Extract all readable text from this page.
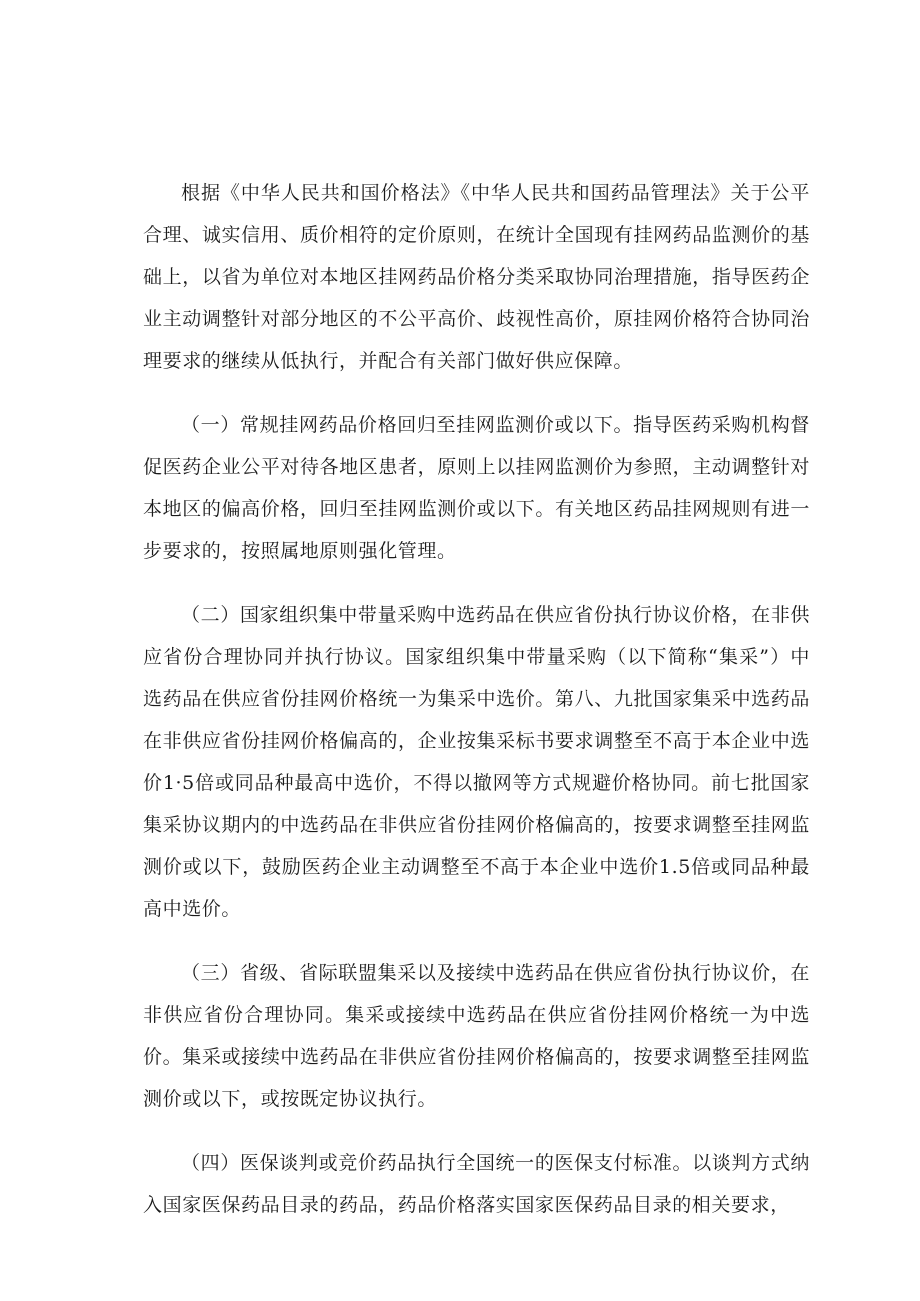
根据《中华人民共和国价格法》《中华人民共和国药品管理法》关于公平合理、诚实信用、质价相符的定价原则，在统计全国现有挂网药品监测价的基础上，以省为单位对本地区挂网药品价格分类采取协同治理措施，指导医药企业主动调整针对部分地区的不公平高价、歧视性高价，原挂网价格符合协同治理要求的继续从低执行，并配合有关部门做好供应保障。

（一）常规挂网药品价格回归至挂网监测价或以下。指导医药采购机构督促医药企业公平对待各地区患者，原则上以挂网监测价为参照，主动调整针对本地区的偏高价格，回归至挂网监测价或以下。有关地区药品挂网规则有进一步要求的，按照属地原则强化管理。

（二）国家组织集中带量采购中选药品在供应省份执行协议价格，在非供应省份合理协同并执行协议。国家组织集中带量采购（以下简称“集采”）中选药品在供应省份挂网价格统一为集采中选价。第八、九批国家集采中选药品在非供应省份挂网价格偏高的，企业按集采标书要求调整至不高于本企业中选价1·5倍或同品种最高中选价，不得以撤网等方式规避价格协同。前七批国家集采协议期内的中选药品在非供应省份挂网价格偏高的，按要求调整至挂网监测价或以下，鼓励医药企业主动调整至不高于本企业中选价1.5倍或同品种最高中选价。

（三）省级、省际联盟集采以及接续中选药品在供应省份执行协议价，在非供应省份合理协同。集采或接续中选药品在供应省份挂网价格统一为中选价。集采或接续中选药品在非供应省份挂网价格偏高的，按要求调整至挂网监测价或以下，或按既定协议执行。

（四）医保谈判或竞价药品执行全国统一的医保支付标准。以谈判方式纳入国家医保药品目录的药品，药品价格落实国家医保药品目录的相关要求，
